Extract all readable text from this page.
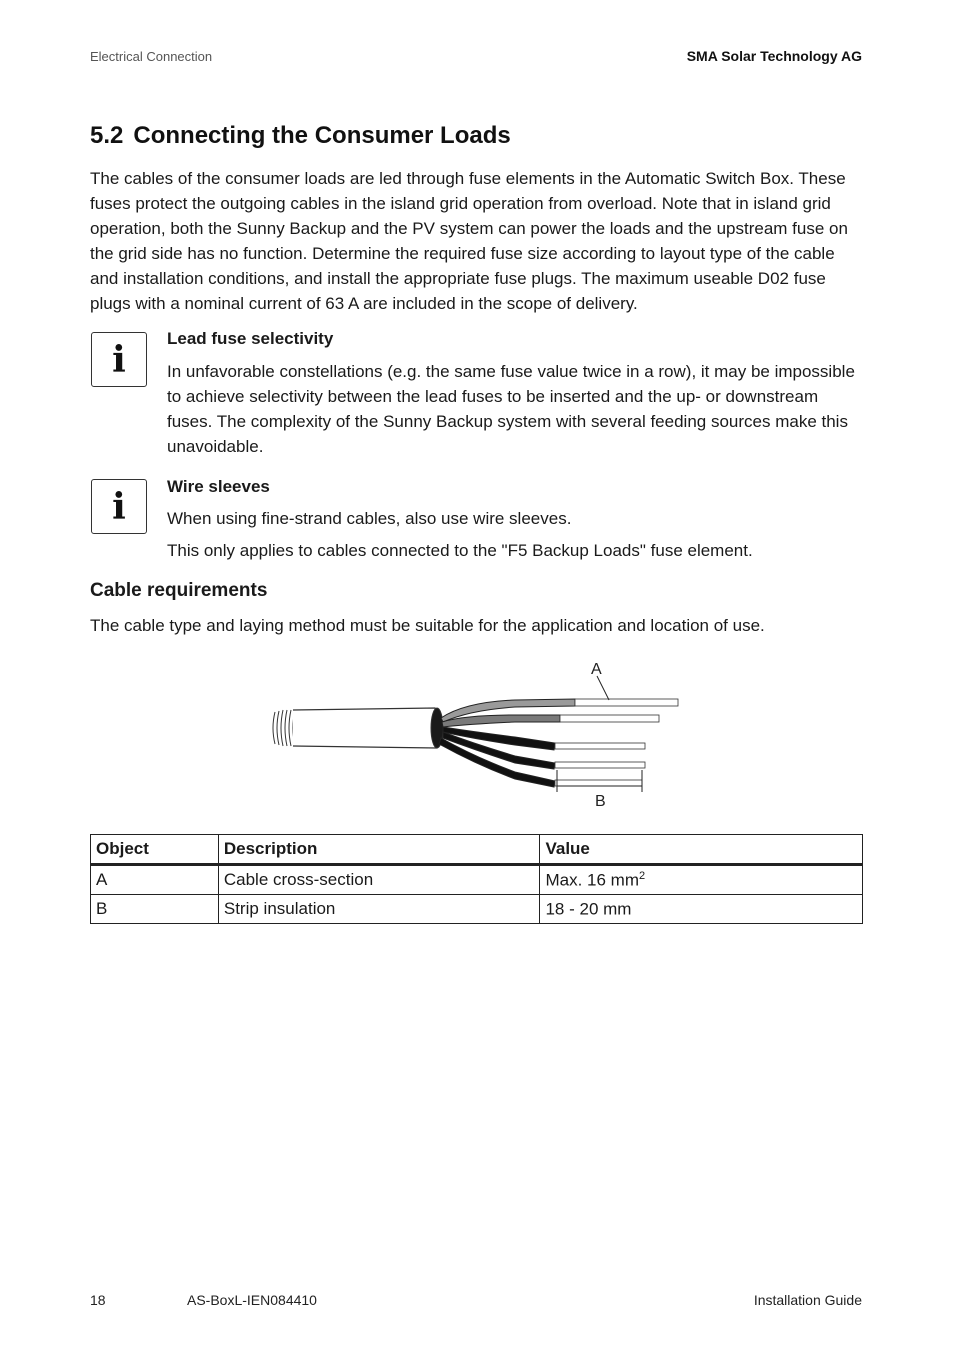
Electrical Connection	SMA Solar Technology AG
5.2 Connecting the Consumer Loads

The cables of the consumer loads are led through fuse elements in the Automatic Switch Box. These fuses protect the outgoing cables in the island grid operation from overload. Note that in island grid operation, both the Sunny Backup and the PV system can power the loads and the upstream fuse on the grid side has no function. Determine the required fuse size according to layout type of the cable and installation conditions, and install the appropriate fuse plugs. The maximum useable D02 fuse plugs with a nominal current of 63 A are included in the scope of delivery.

i Lead fuse selectivity

In unfavorable constellations (e.g. the same fuse value twice in a row), it may be impossible to achieve selectivity between the lead fuses to be inserted and the up- or downstream fuses. The complexity of the Sunny Backup system with several feeding sources make this unavoidable.

i Wire sleeves

When using fine-strand cables, also use wire sleeves.

This only applies to cables connected to the "F5 Backup Loads" fuse element.

Cable requirements

The cable type and laying method must be suitable for the application and location of use.

A
B
Object	Description	Value
A	Cable cross-section	Max. 16 $mm^2$
B	Strip insulation	18 - 20 mm
18	AS-BoxL-IEN084410	Installation Guide
